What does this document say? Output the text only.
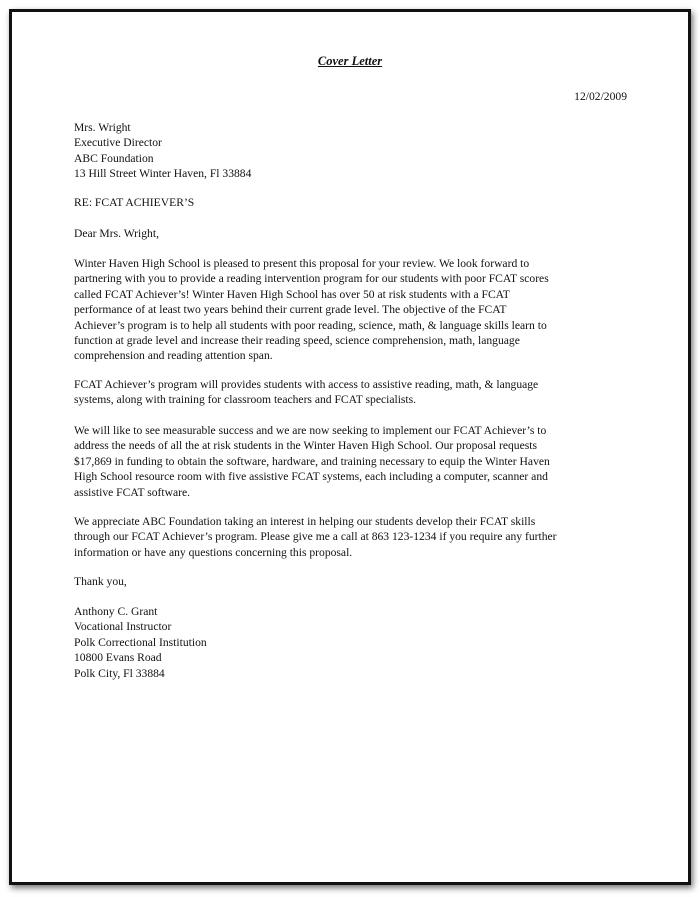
Cover Letter
12/02/2009
Mrs. Wright
Executive Director
ABC Foundation
13 Hill Street Winter Haven, Fl 33884
RE: FCAT ACHIEVER’S
Dear Mrs. Wright,
Winter Haven High School is pleased to present this proposal for your review. We look forward to
partnering with you to provide a reading intervention program for our students with poor FCAT scores
called FCAT Achiever’s! Winter Haven High School has over 50 at risk students with a FCAT
performance of at least two years behind their current grade level. The objective of the FCAT
Achiever’s program is to help all students with poor reading, science, math, & language skills learn to
function at grade level and increase their reading speed, science comprehension, math, language
comprehension and reading attention span.
FCAT Achiever’s program will provides students with access to assistive reading, math, & language
systems, along with training for classroom teachers and FCAT specialists.
We will like to see measurable success and we are now seeking to implement our FCAT Achiever’s to
address the needs of all the at risk students in the Winter Haven High School. Our proposal requests
$17,869 in funding to obtain the software, hardware, and training necessary to equip the Winter Haven
High School resource room with five assistive FCAT systems, each including a computer, scanner and
assistive FCAT software.
We appreciate ABC Foundation taking an interest in helping our students develop their FCAT skills
through our FCAT Achiever’s program. Please give me a call at 863 123-1234 if you require any further
information or have any questions concerning this proposal.
Thank you,
Anthony C. Grant
Vocational Instructor
Polk Correctional Institution
10800 Evans Road
Polk City, Fl 33884
